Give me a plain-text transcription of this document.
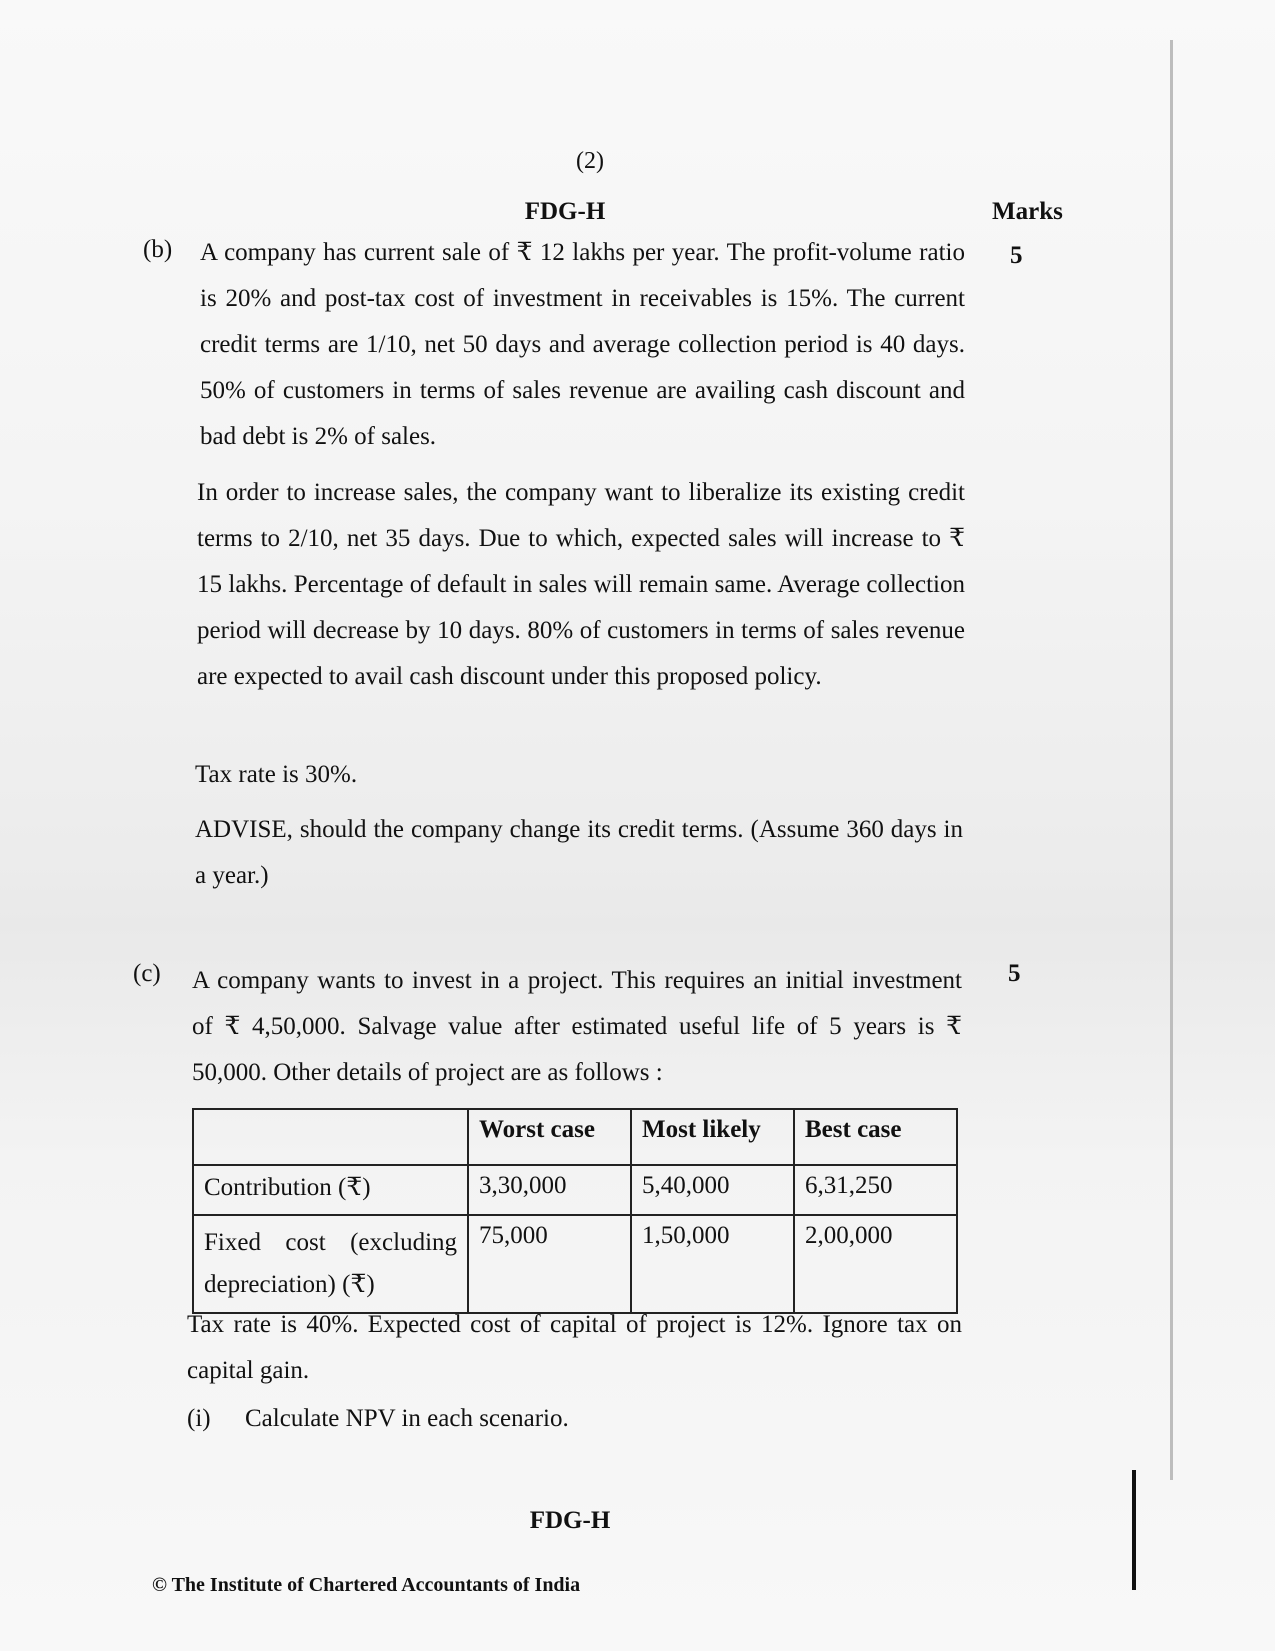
(2)
FDG-H	Marks
(b)	5
A company has current sale of ₹ 12 lakhs per year. The profit-volume ratio is 20% and post-tax cost of investment in receivables is 15%. The current credit terms are 1/10, net 50 days and average collection period is 40 days. 50% of customers in terms of sales revenue are availing cash discount and bad debt is 2% of sales.
In order to increase sales, the company want to liberalize its existing credit terms to 2/10, net 35 days. Due to which, expected sales will increase to ₹ 15 lakhs. Percentage of default in sales will remain same. Average collection period will decrease by 10 days. 80% of customers in terms of sales revenue are expected to avail cash discount under this proposed policy.
Tax rate is 30%.
ADVISE, should the company change its credit terms. (Assume 360 days in a year.)
(c)	5
A company wants to invest in a project. This requires an initial investment of ₹ 4,50,000. Salvage value after estimated useful life of 5 years is ₹ 50,000. Other details of project are as follows :
	Worst case	Most likely	Best case
Contribution (₹)	3,30,000	5,40,000	6,31,250
Fixed cost (excluding depreciation) (₹)	75,000	1,50,000	2,00,000
Tax rate is 40%. Expected cost of capital of project is 12%. Ignore tax on capital gain.
(i) Calculate NPV in each scenario.
FDG-H
© The Institute of Chartered Accountants of India
